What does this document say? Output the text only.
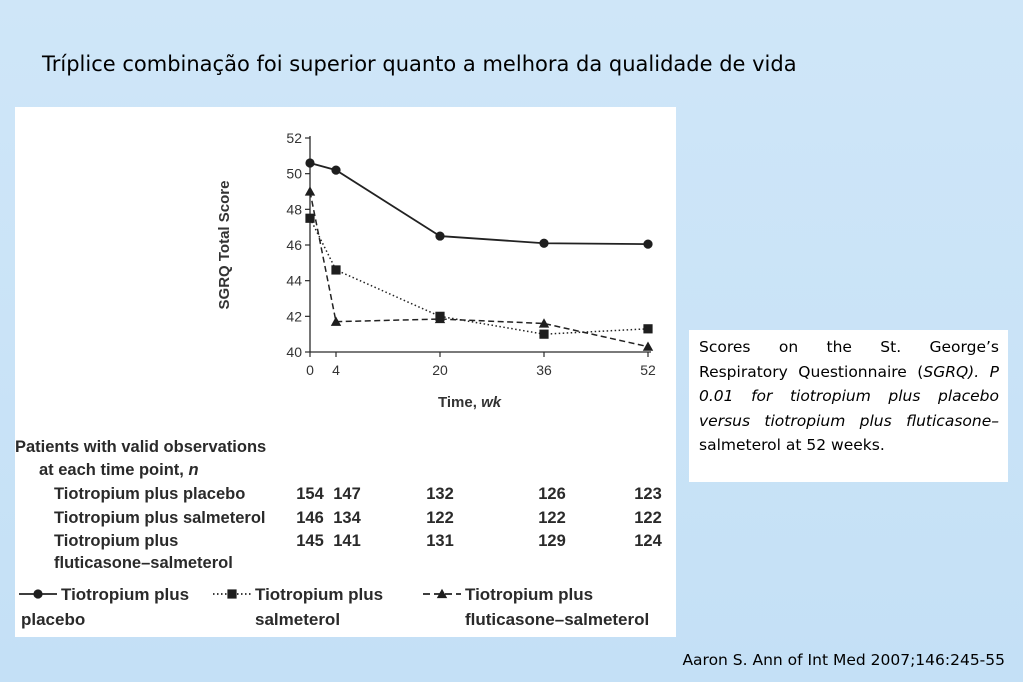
Tríplice combinação foi superior quanto a melhora da qualidade de vida
40
42
44
46
48
50
52
0 4	20	36	52
SGRQ Total Score
Time, wk
Patients with valid observations
at each time point, n
Tiotropium plus placebo	154 147	132	126	123
Tiotropium plus salmeterol 146 134	122	122	122
Tiotropium plus
fluticasone–salmeterol
145 141	131	129	124
Tiotropium plus
placebo
Tiotropium plus
salmeterol
Tiotropium plus
fluticasone–salmeterol
Scores on the St. George’s Respiratory Questionnaire (SGRQ). P 0.01 for tiotropium plus placebo versus tiotropium plus fluticasone–salmeterol at 52 weeks.
Aaron S. Ann of Int Med 2007;146:245-55
